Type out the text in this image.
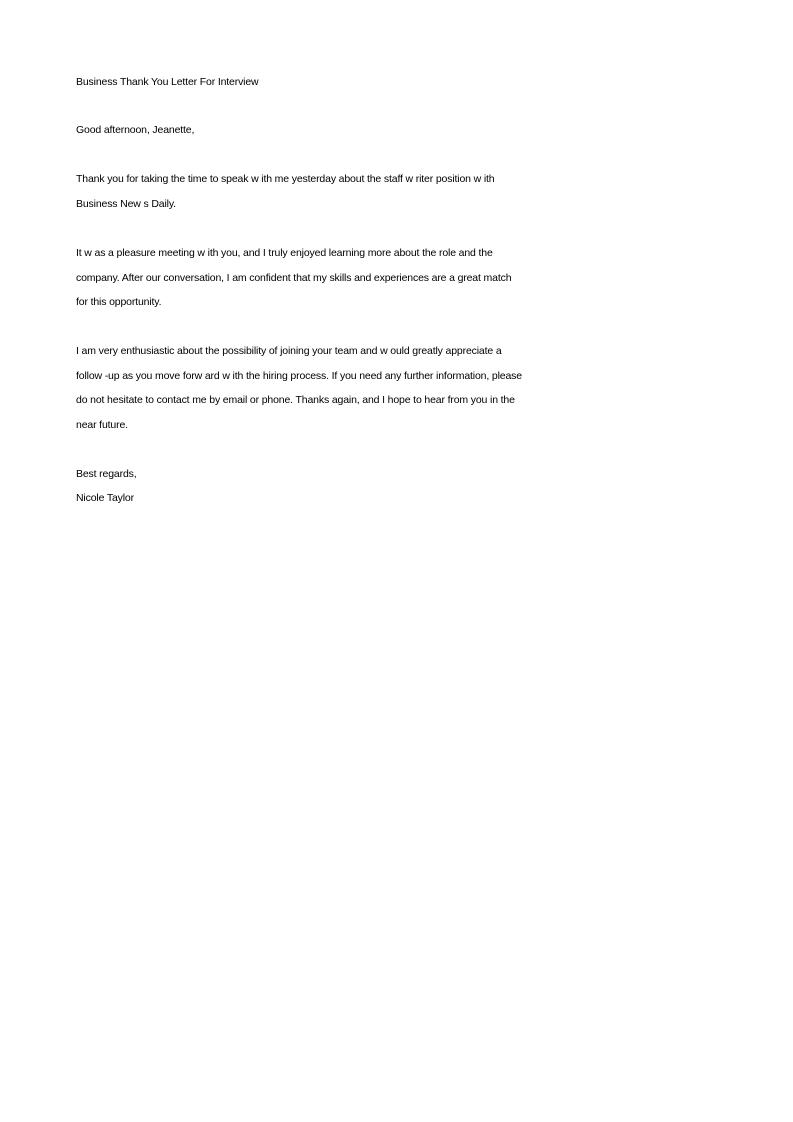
Business Thank You Letter For Interview
Good afternoon, Jeanette,
Thank you for taking the time to speak w ith me yesterday about the staff w riter position w ith
Business New s Daily.
It w as a pleasure meeting w ith you, and I truly enjoyed learning more about the role and the
company. After our conversation, I am confident that my skills and experiences are a great match
for this opportunity.
I am very enthusiastic about the possibility of joining your team and w ould greatly appreciate a
follow -up as you move forw ard w ith the hiring process. If you need any further information, please
do not hesitate to contact me by email or phone. Thanks again, and I hope to hear from you in the
near future.
Best regards,
Nicole Taylor
